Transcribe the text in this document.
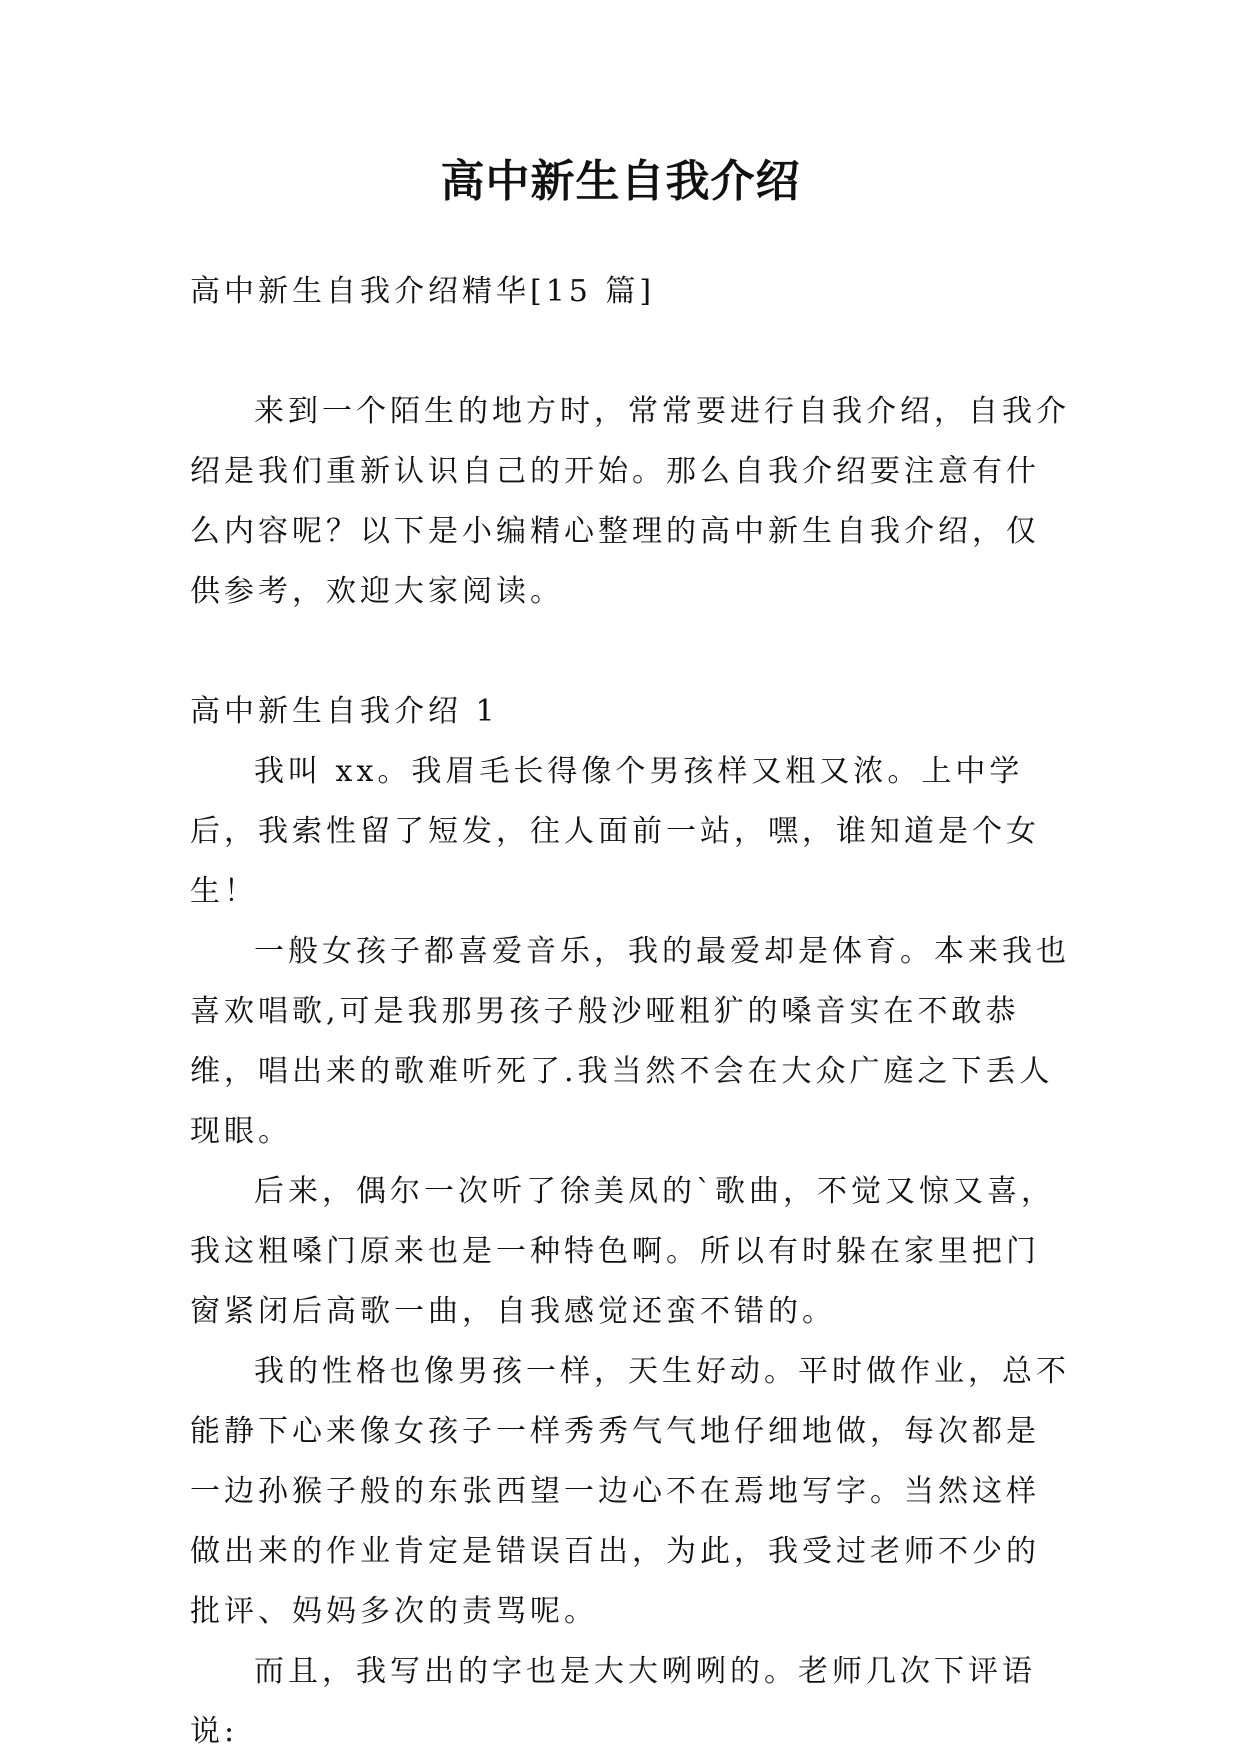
高中新生自我介绍

高中新生自我介绍精华[15 篇]

来到一个陌生的地方时，常常要进行自我介绍，自我介绍是我们重新认识自己的开始。那么自我介绍要注意有什么内容呢？以下是小编精心整理的高中新生自我介绍，仅供参考，欢迎大家阅读。

高中新生自我介绍 1

我叫 xx。我眉毛长得像个男孩样又粗又浓。上中学后，我索性留了短发，往人面前一站，嘿，谁知道是个女生！

一般女孩子都喜爱音乐，我的最爱却是体育。本来我也喜欢唱歌,可是我那男孩子般沙哑粗犷的嗓音实在不敢恭维，唱出来的歌难听死了.我当然不会在大众广庭之下丢人现眼。

后来，偶尔一次听了徐美凤的`歌曲，不觉又惊又喜，我这粗嗓门原来也是一种特色啊。所以有时躲在家里把门窗紧闭后高歌一曲，自我感觉还蛮不错的。

我的性格也像男孩一样，天生好动。平时做作业，总不能静下心来像女孩子一样秀秀气气地仔细地做，每次都是一边孙猴子般的东张西望一边心不在焉地写字。当然这样做出来的作业肯定是错误百出，为此，我受过老师不少的批评、妈妈多次的责骂呢。

而且，我写出的字也是大大咧咧的。老师几次下评语说:
